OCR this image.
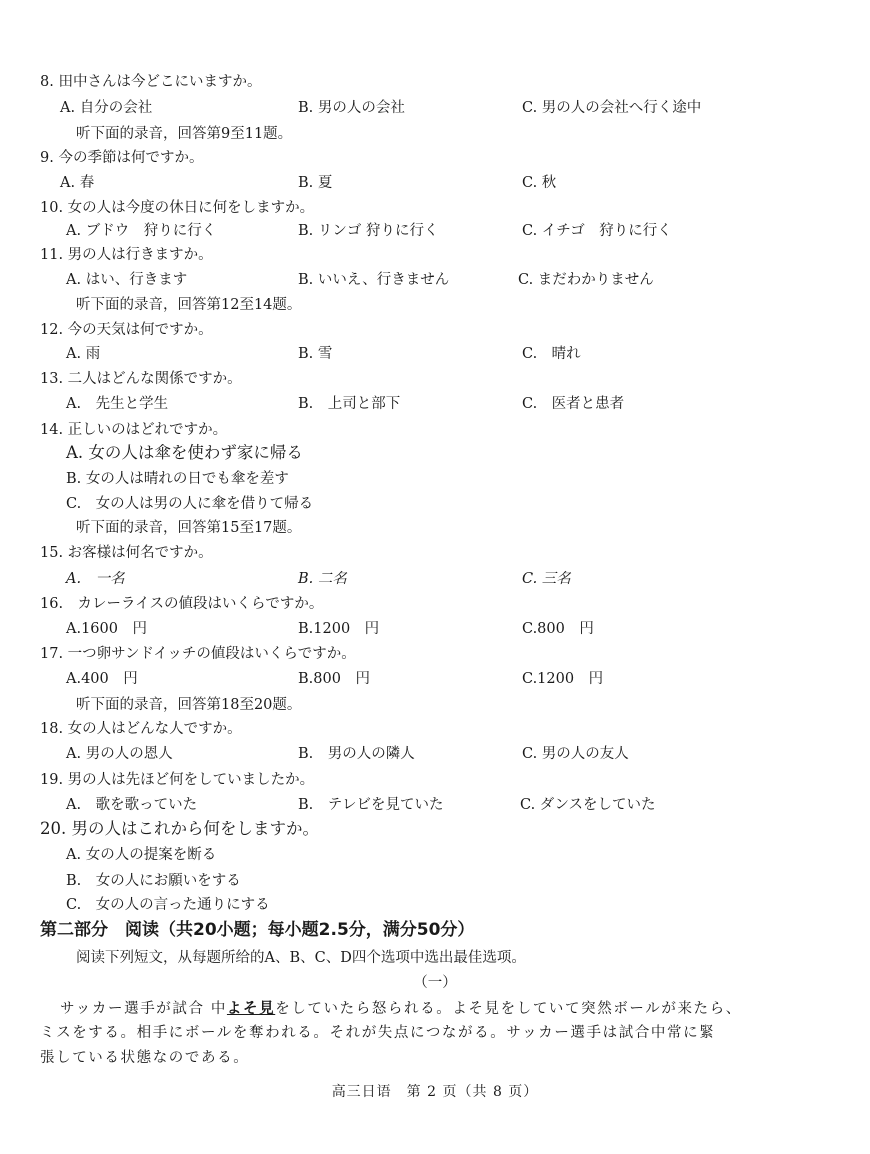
8. 田中さんは今どこにいますか。
A. 自分の会社	B. 男の人の会社	C. 男の人の会社へ行く途中
听下面的录音，回答第9至11题。
9. 今の季節は何ですか。
A. 春	B. 夏	C. 秋
10. 女の人は今度の休日に何をしますか。
A. ブドウ　狩りに行く	B. リンゴ 狩りに行く	C. イチゴ　狩りに行く
11. 男の人は行きますか。
A. はい、行きます	B. いいえ、行きません	C. まだわかりません
听下面的录音，回答第12至14题。
12. 今の天気は何ですか。
A. 雨	B. 雪	C.　晴れ
13. 二人はどんな関係ですか。
A.　先生と学生	B.　上司と部下	C.　医者と患者
14. 正しいのはどれですか。
A. 女の人は傘を使わず家に帰る
B. 女の人は晴れの日でも傘を差す
C.　女の人は男の人に傘を借りて帰る
听下面的录音，回答第15至17题。
15. お客様は何名ですか。
A.　一名	B. 二名	C. 三名
16.　カレーライスの値段はいくらですか。
A.1600　円	B.1200　円	C.800　円
17. 一つ卵サンドイッチの値段はいくらですか。
A.400　円	B.800　円	C.1200　円
听下面的录音，回答第18至20题。
18. 女の人はどんな人ですか。
A. 男の人の恩人	B.　男の人の隣人	C. 男の人の友人
19. 男の人は先ほど何をしていましたか。
A.　歌を歌っていた	B.　テレビを見ていた	C. ダンスをしていた
20. 男の人はこれから何をしますか。
A. 女の人の提案を断る
B.　女の人にお願いをする
C.　女の人の言った通りにする
第二部分　阅读（共20小题；每小题2.5分，满分50分）
阅读下列短文，从每题所给的A、B、C、D四个选项中选出最佳选项。
（一）
サッカー選手が試合 中よそ見をしていたら怒られる。よそ見をしていて突然ボールが来たら、
ミスをする。相手にボールを奪われる。それが失点につながる。サッカー選手は試合中常に緊
張している状態なのである。
高三日语　第 2 页（共 8 页）
